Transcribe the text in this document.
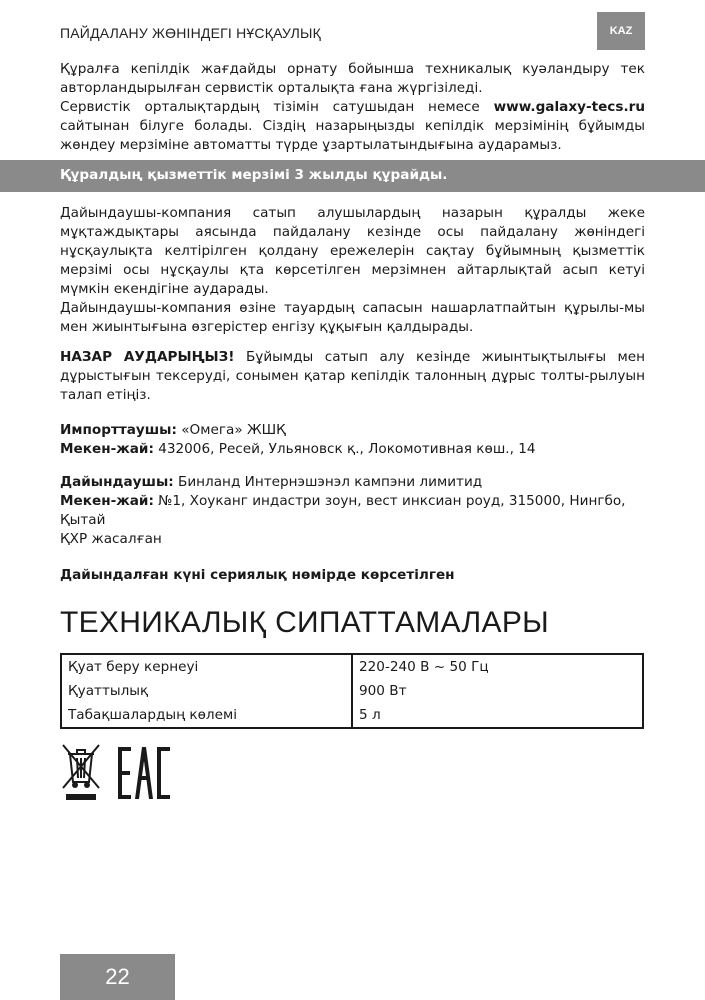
ПАЙДАЛАНУ ЖӨНІНДЕГІ НҰСҚАУЛЫҚ	KAZ

Құралға кепілдік жағдайды орнату бойынша техникалық куәландыру тек авторландырылған сервистік орталықта ғана жүргізіледі.
Сервистік орталықтардың тізімін сатушыдан немесе www.galaxy-tecs.ru сайтынан білуге болады. Сіздің назарыңызды кепілдік мерзімінің бұйымды жөндеу мерзіміне автоматты түрде ұзартылатындығына аударамыз.

Құралдың қызметтік мерзімі 3 жылды құрайды.

Дайындаушы-компания сатып алушылардың назарын құралды жеке мұқтаждықтары аясында пайдалану кезінде осы пайдалану жөніндегі нұсқаулықта келтірілген қолдану ережелерін сақтау бұйымның қызметтік мерзімі осы нұсқаулы қта көрсетілген мерзімнен айтарлықтай асып кетуі мүмкін екендігіне аударады.
Дайындаушы-компания өзіне тауардың сапасын нашарлатпайтын құрылы-мы мен жиынтығына өзгерістер енгізу құқығын қалдырады.

НАЗАР АУДАРЫҢЫЗ! Бұйымды сатып алу кезінде жиынтықтылығы мен дұрыстығын тексеруді, сонымен қатар кепілдік талонның дұрыс толты-рылуын талап етіңіз.

Импорттаушы: «Омега» ЖШҚ
Мекен-жай: 432006, Ресей, Ульяновск қ., Локомотивная көш., 14

Дайындаушы: Бинланд Интернэшэнэл кампэни лимитид
Мекен-жай: №1, Хоуканг индастри зоун, вест инксиан роуд, 315000, Нингбо, Қытай
ҚХР жасалған

Дайындалған күні сериялық нөмірде көрсетілген

ТЕХНИКАЛЫҚ СИПАТТАМАЛАРЫ
Қуат беру кернеуі	220-240 В ~ 50 Гц
Қуаттылық	900 Вт
Табақшалардың көлемі	5 л
22
